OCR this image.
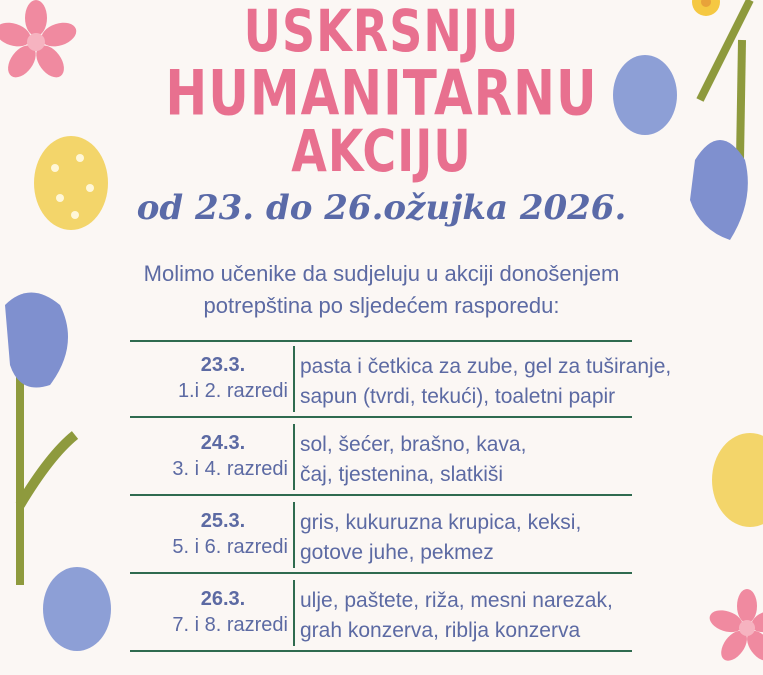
USKRSNJU
HUMANITARNU
AKCIJU
od 23. do 26.ožujka 2026.
Molimo učenike da sudjeluju u akciji donošenjem
potrepština po sljedećem rasporedu:
23.3.
1.i 2. razredi
pasta i četkica za zube, gel za tuširanje,
sapun (tvrdi, tekući), toaletni papir
24.3.
3. i 4. razredi
sol, šećer, brašno, kava,
čaj, tjestenina, slatkiši
25.3.
5. i 6. razredi
gris, kukuruzna krupica, keksi,
gotove juhe, pekmez
26.3.
7. i 8. razredi
ulje, paštete, riža, mesni narezak,
grah konzerva, riblja konzerva
